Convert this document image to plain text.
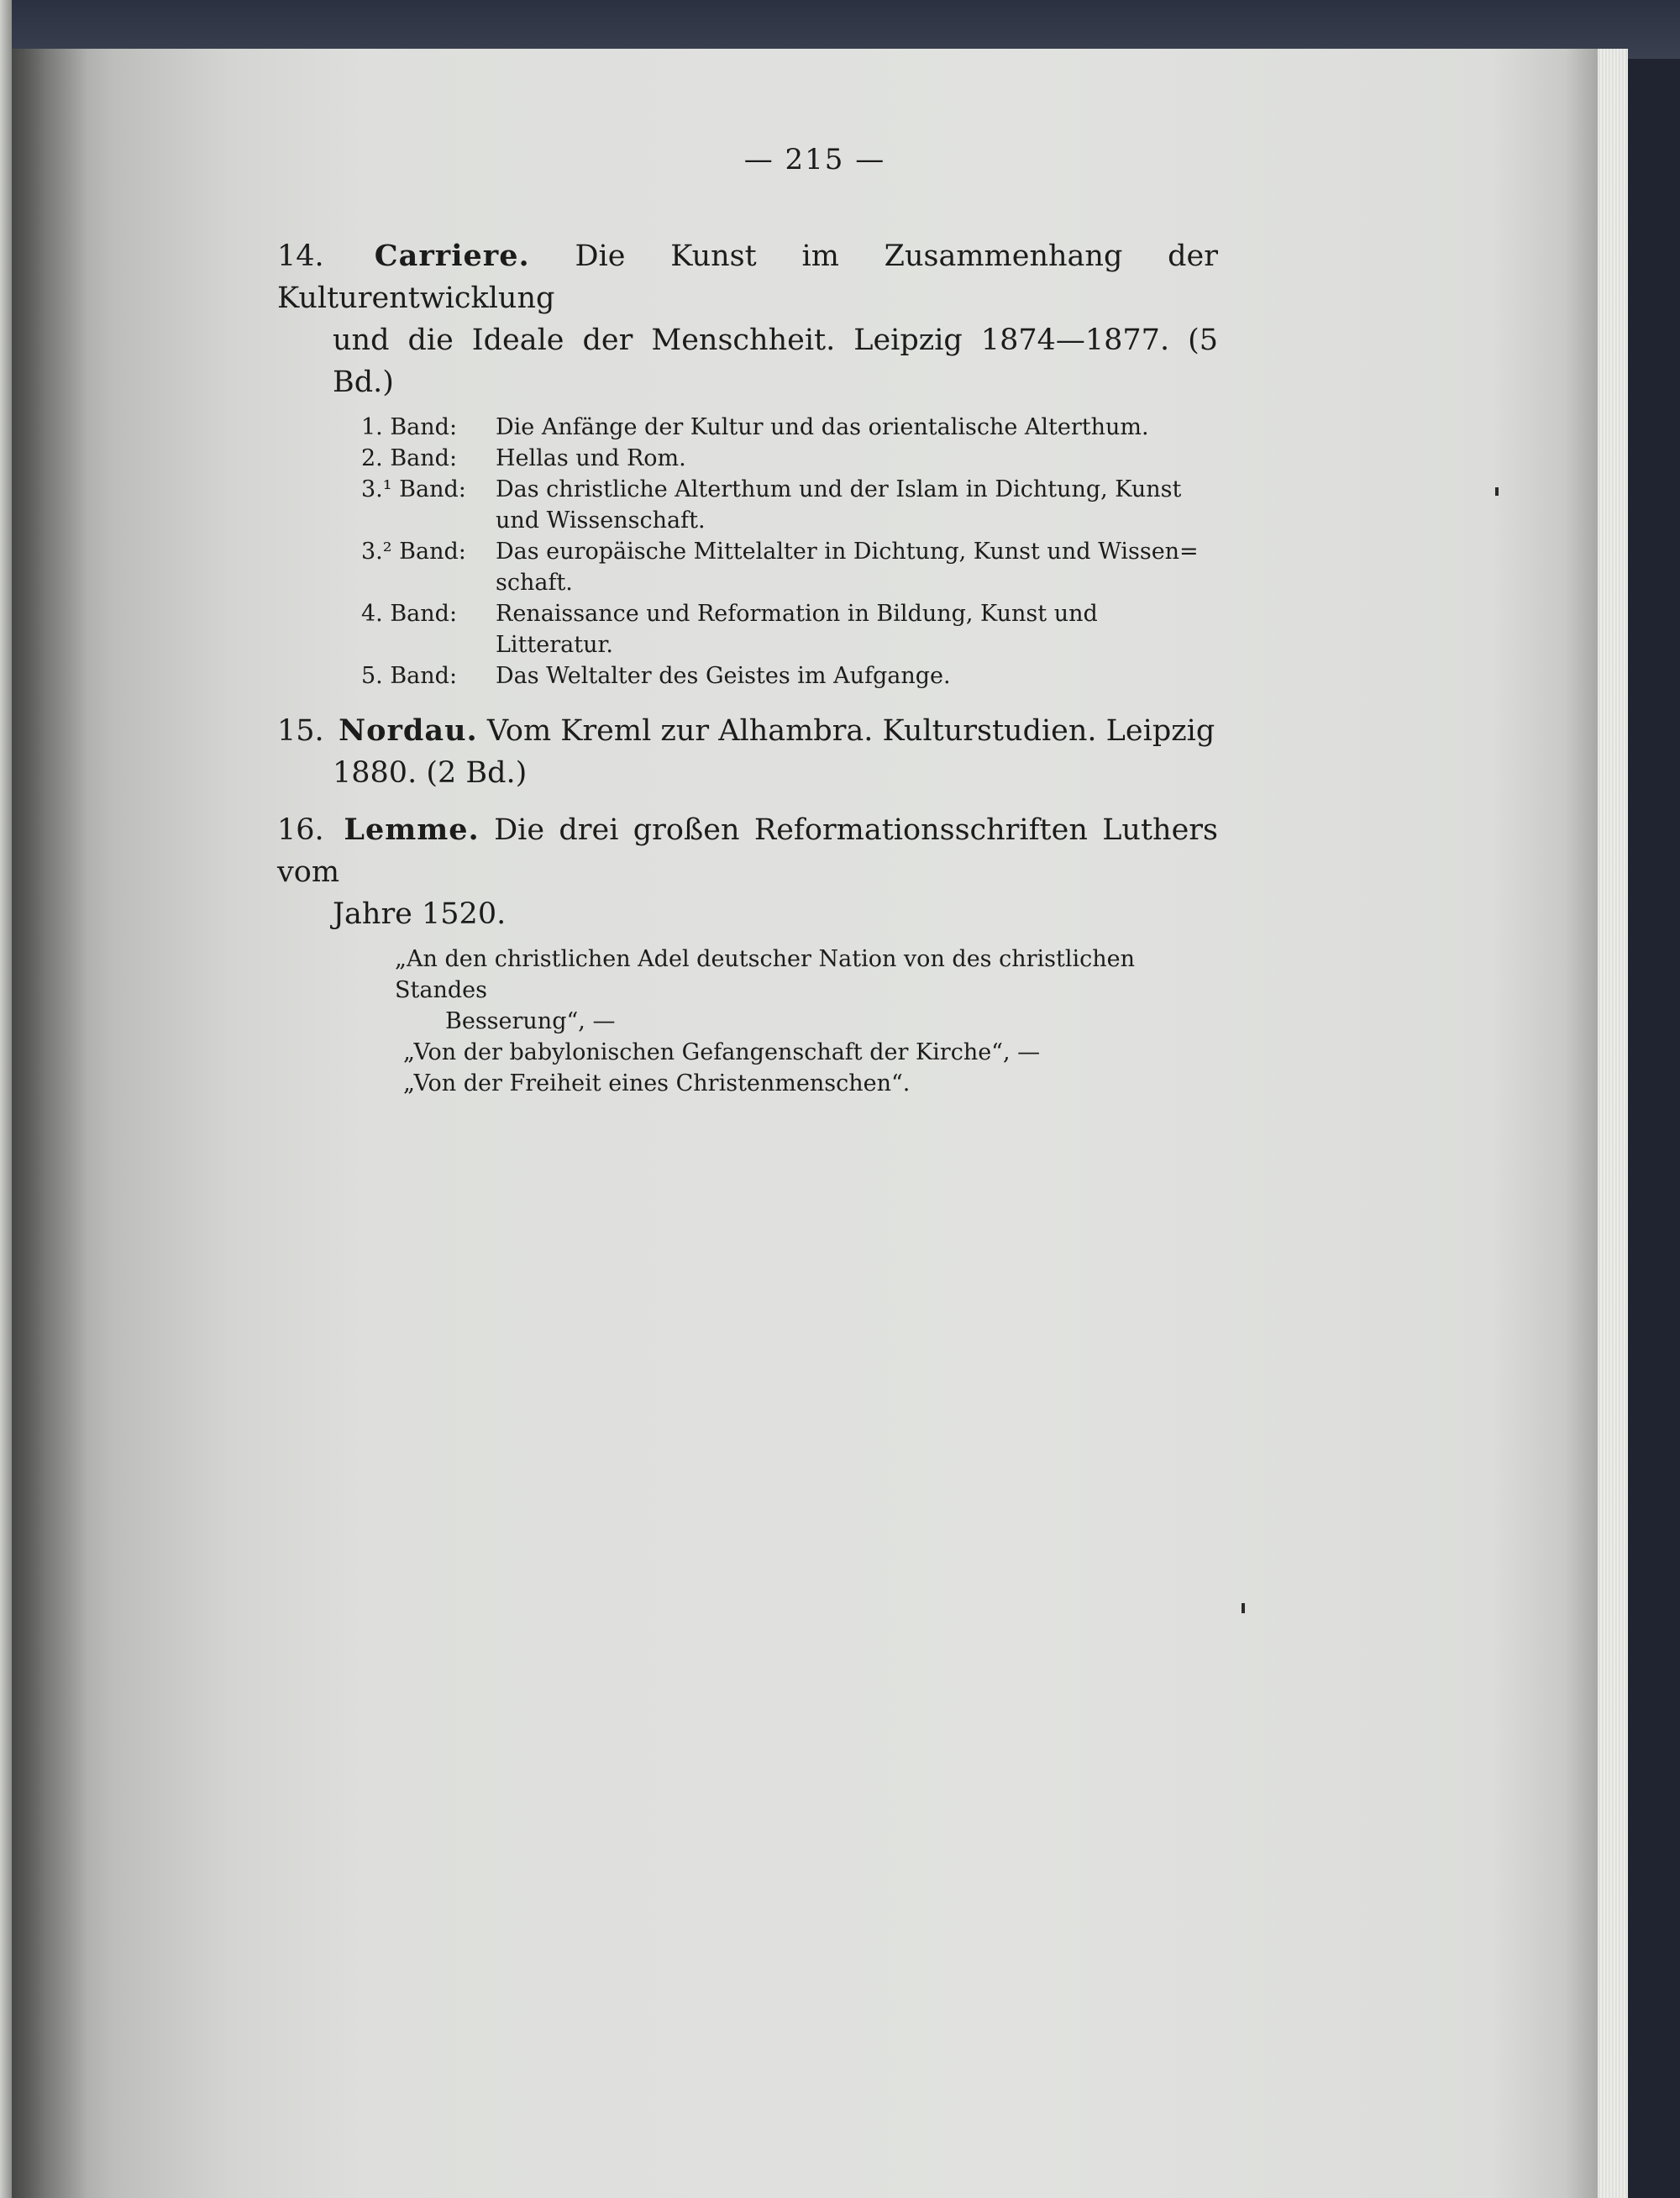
— 215 —
14. Carriere. Die Kunst im Zusammenhang der Kulturentwicklung
und die Ideale der Menschheit. Leipzig 1874—1877. (5 Bd.)
1. Band:	Die Anfänge der Kultur und das orientalische Alterthum.
2. Band:	Hellas und Rom.
3.¹ Band:	Das christliche Alterthum und der Islam in Dichtung, Kunst und Wissenschaft.
3.² Band:	Das europäische Mittelalter in Dichtung, Kunst und Wissen= schaft.
4. Band:	Renaissance und Reformation in Bildung, Kunst und Litteratur.
5. Band:	Das Weltalter des Geistes im Aufgange.
15. Nordau. Vom Kreml zur Alhambra. Kulturstudien. Leipzig
1880. (2 Bd.)
16. Lemme. Die drei großen Reformationsschriften Luthers vom
Jahre 1520.
„An den christlichen Adel deutscher Nation von des christlichen Standes
Besserung“, —
„Von der babylonischen Gefangenschaft der Kirche“, —
„Von der Freiheit eines Christenmenschen“.
